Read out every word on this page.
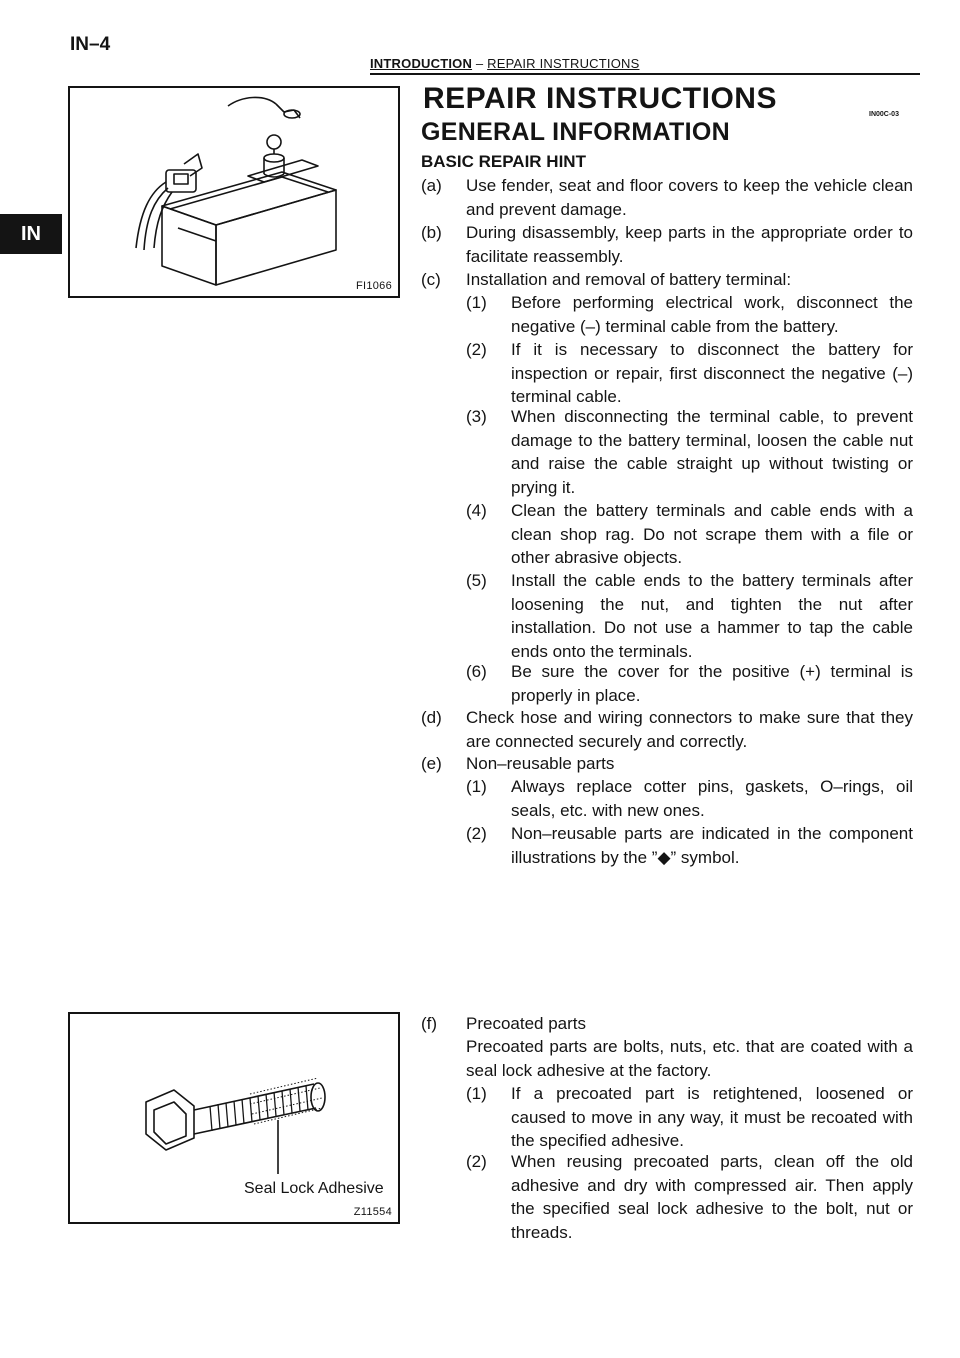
IN–4
INTRODUCTION – REPAIR INSTRUCTIONS
IN
FI1066
Seal Lock Adhesive
Z11554
REPAIR INSTRUCTIONS	IN00C-03
GENERAL INFORMATION
BASIC REPAIR HINT
(a) Use fender, seat and floor covers to keep the vehicle clean and prevent damage.
(b) During disassembly, keep parts in the appropriate order to facilitate reassembly.
(c) Installation and removal of battery terminal:
(1) Before performing electrical work, disconnect the negative (–) terminal cable from the battery.
(2) If it is necessary to disconnect the battery for inspection or repair, first disconnect the negative (–) terminal cable.
(3) When disconnecting the terminal cable, to prevent damage to the battery terminal, loosen the cable nut and raise the cable straight up without twisting or prying it.
(4) Clean the battery terminals and cable ends with a clean shop rag. Do not scrape them with a file or other abrasive objects.
(5) Install the cable ends to the battery terminals after loosening the nut, and tighten the nut after installation. Do not use a hammer to tap the cable ends onto the terminals.
(6) Be sure the cover for the positive (+) terminal is properly in place.
(d) Check hose and wiring connectors to make sure that they are connected securely and correctly.
(e) Non–reusable parts
(1) Always replace cotter pins, gaskets, O–rings, oil seals, etc. with new ones.
(2) Non–reusable parts are indicated in the component illustrations by the ”◆” symbol.
(f) Precoated parts
Precoated parts are bolts, nuts, etc. that are coated with a seal lock adhesive at the factory.
(1) If a precoated part is retightened, loosened or caused to move in any way, it must be recoated with the specified adhesive.
(2) When reusing precoated parts, clean off the old adhesive and dry with compressed air. Then apply the specified seal lock adhesive to the bolt, nut or threads.
